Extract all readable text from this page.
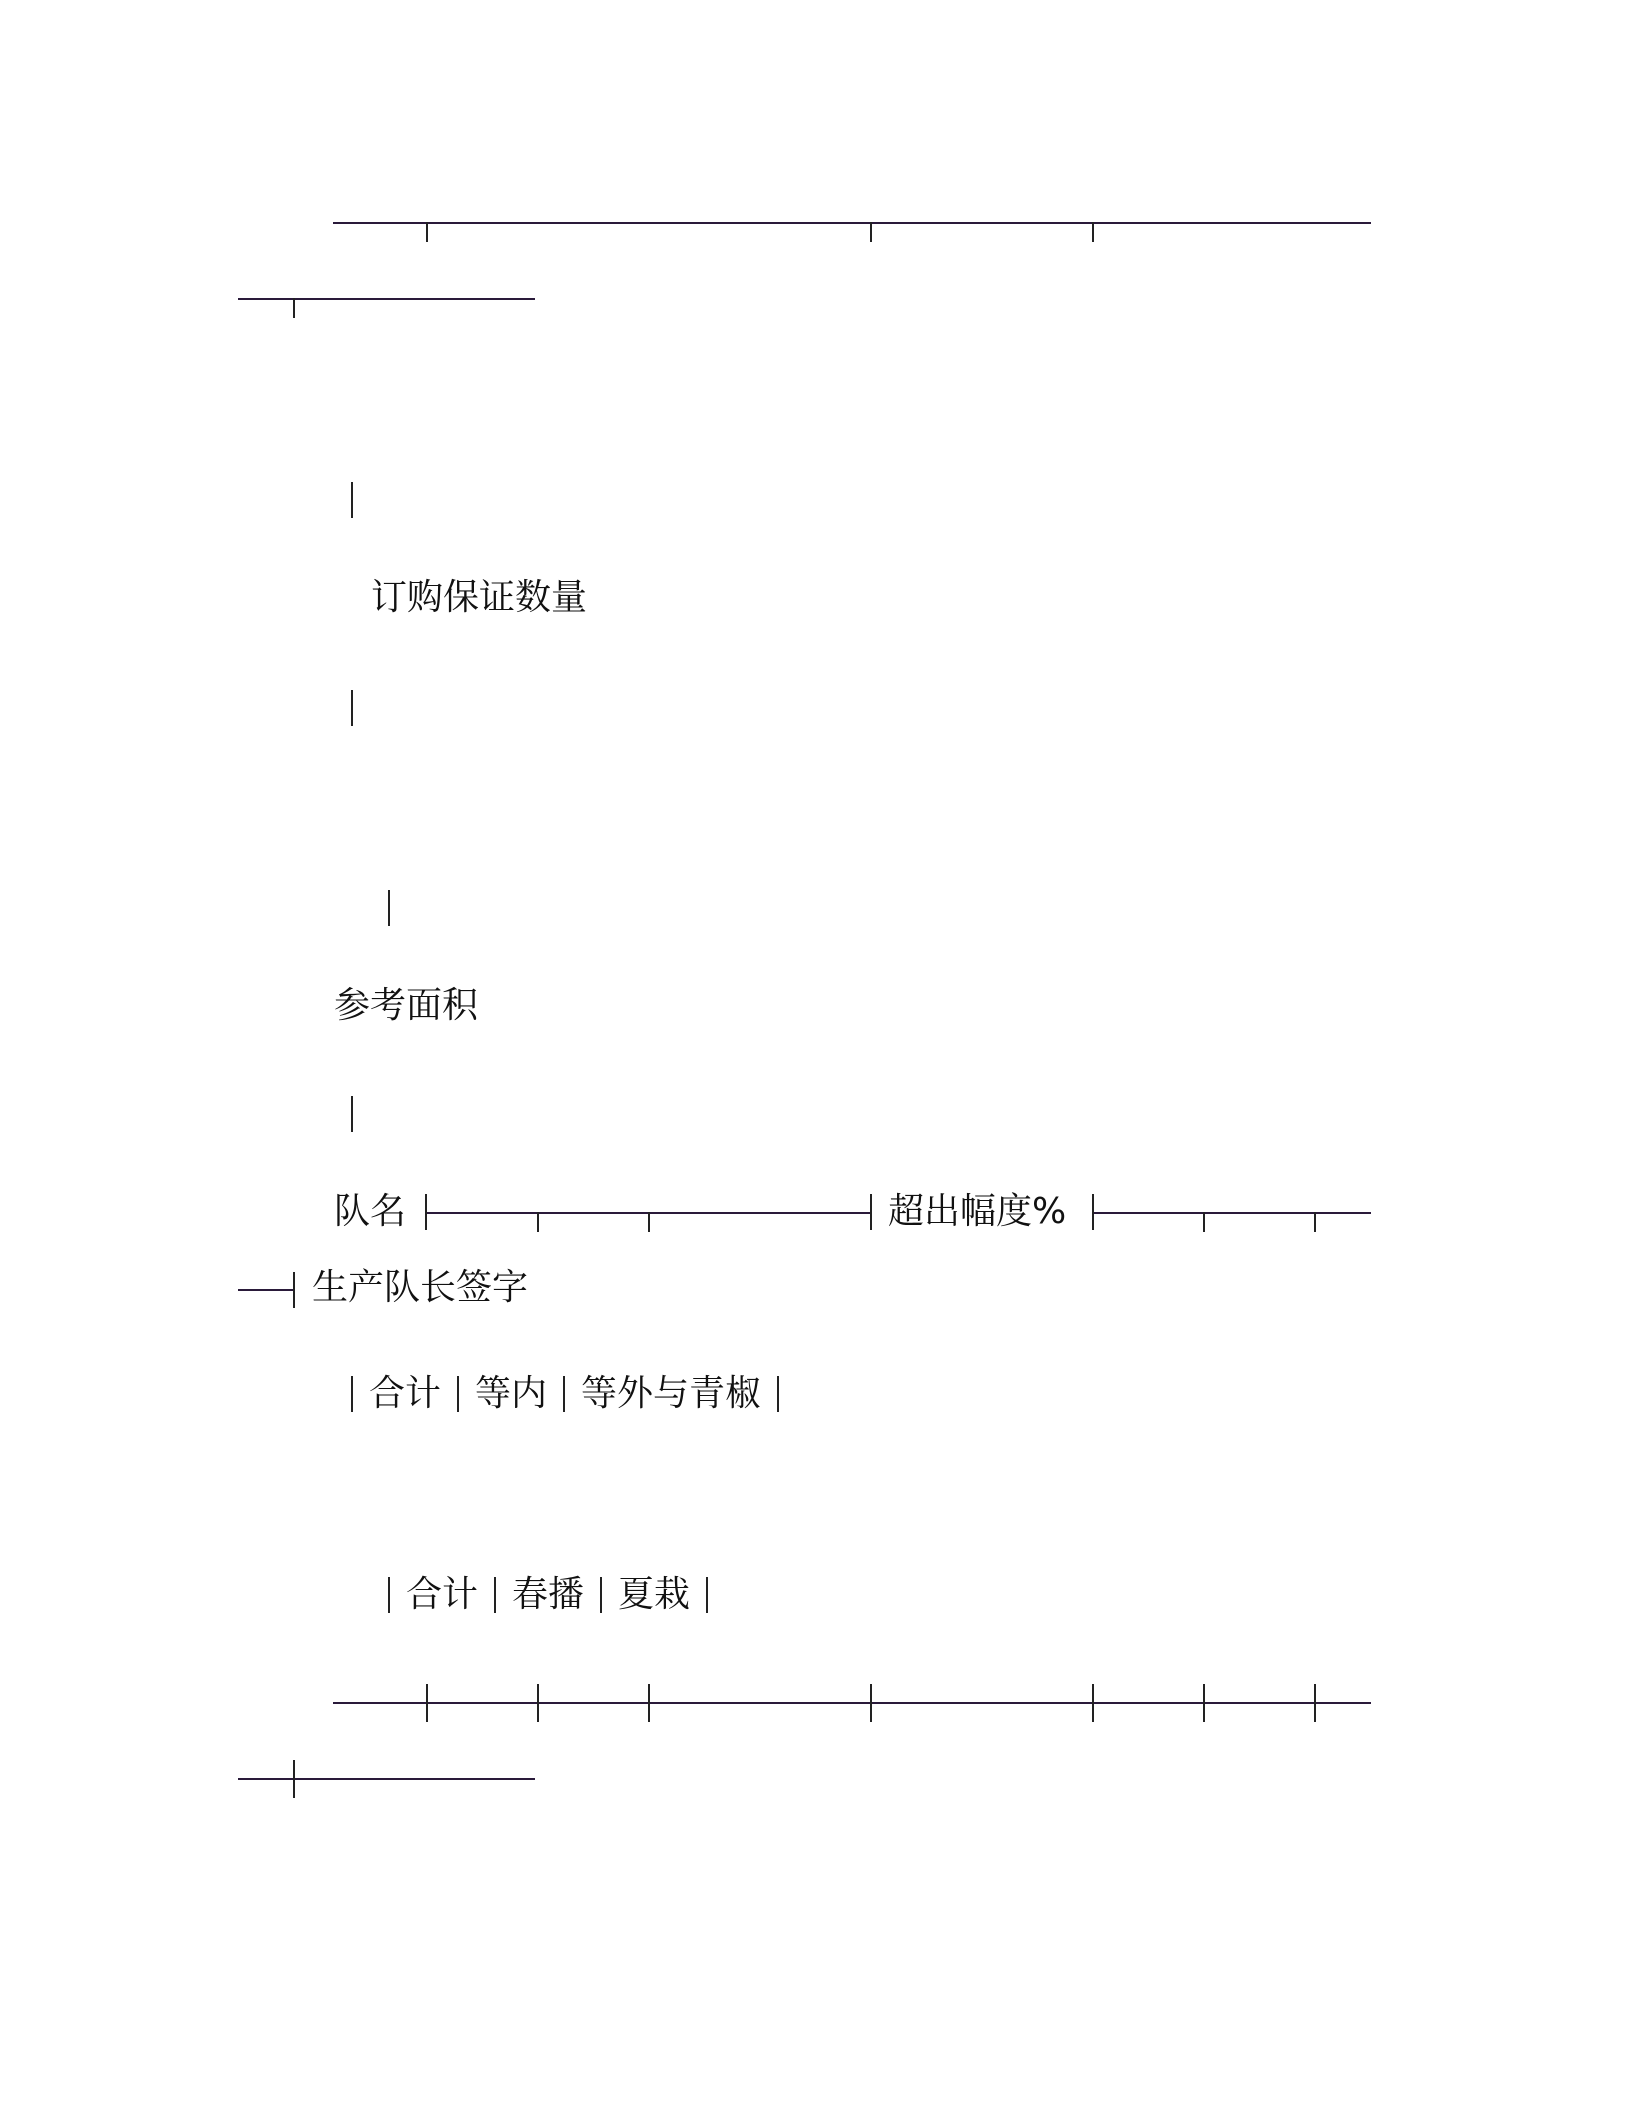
订购保证数量
参考面积
队名	超出幅度%
生产队长签字
合计 等内 等外与青椒
合计 春播 夏栽
